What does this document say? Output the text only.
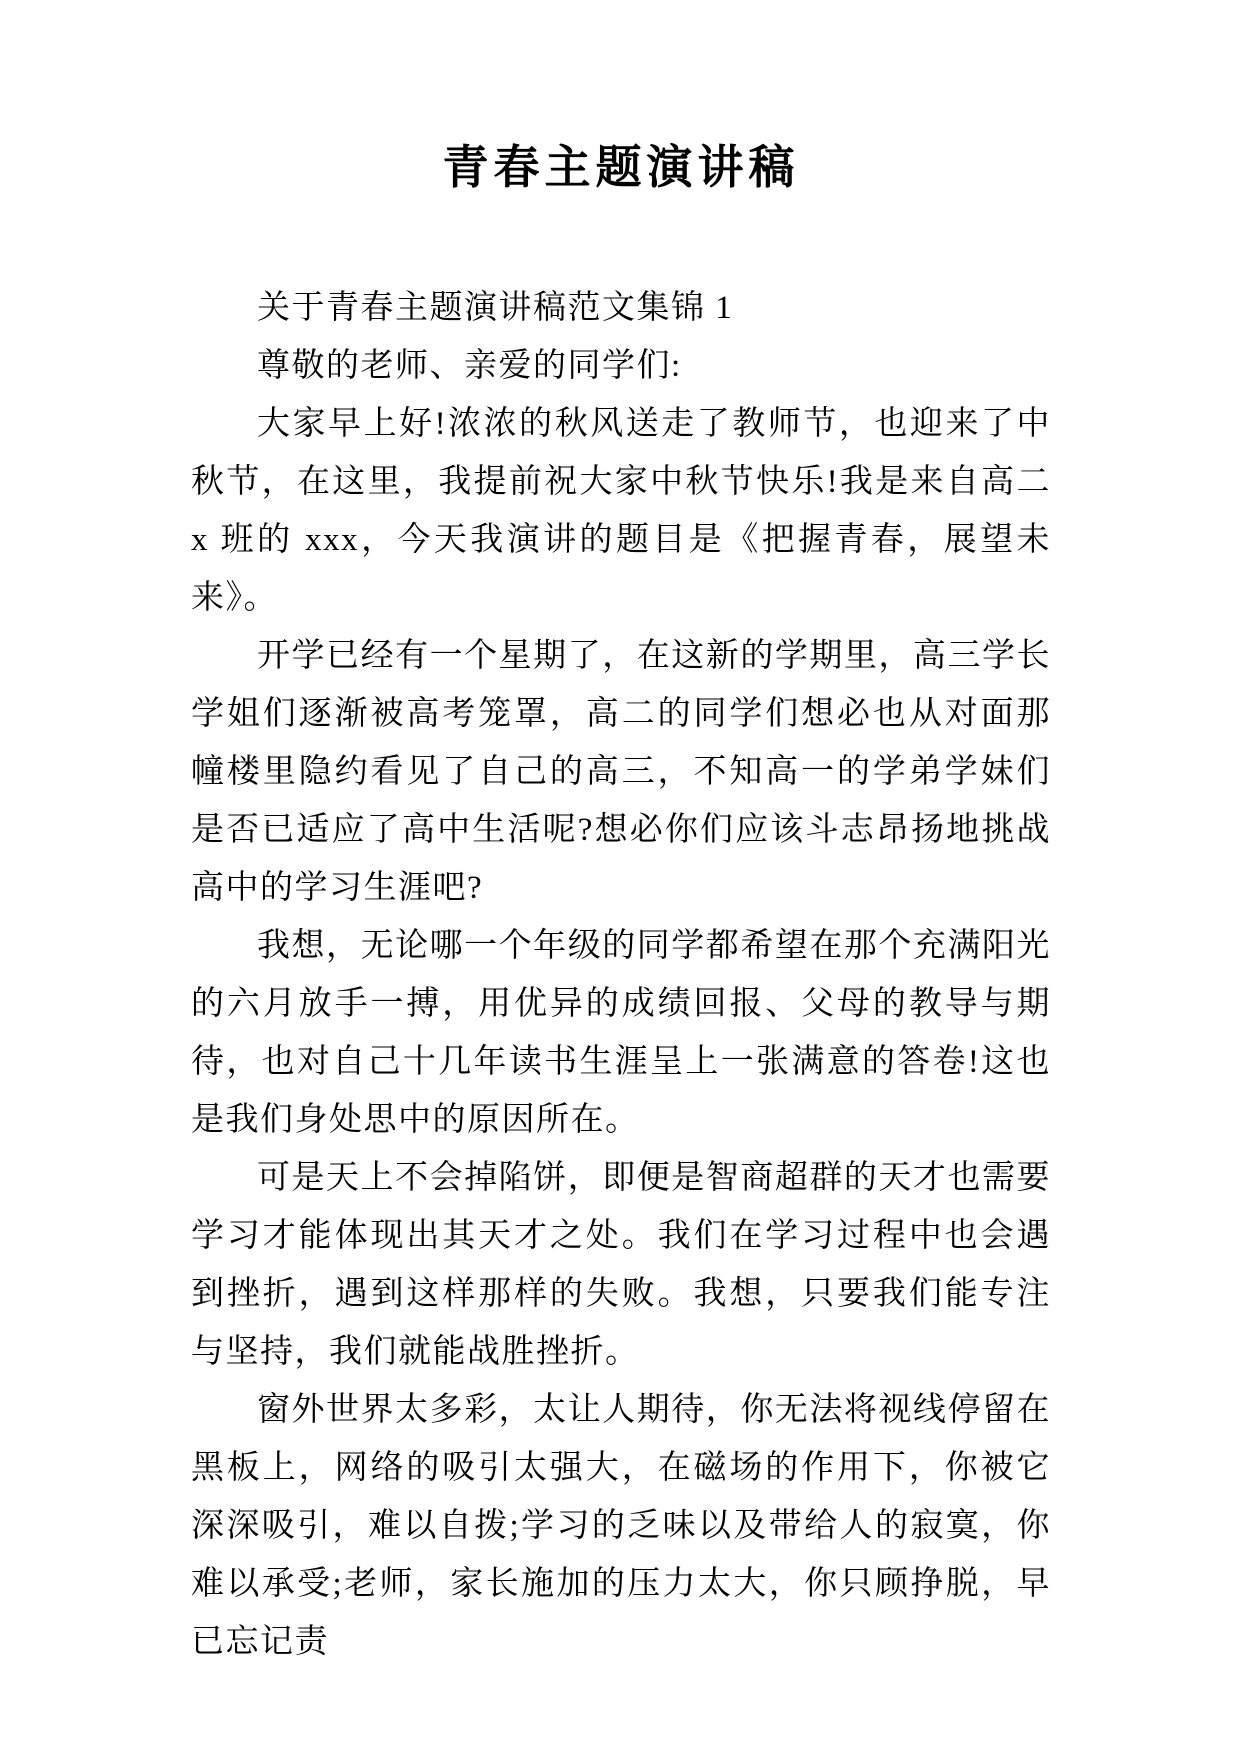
青春主题演讲稿

关于青春主题演讲稿范文集锦 1

尊敬的老师、亲爱的同学们:

大家早上好!浓浓的秋风送走了教师节，也迎来了中秋节，在这里，我提前祝大家中秋节快乐!我是来自高二 x 班的 xxx，今天我演讲的题目是《把握青春，展望未来》。

开学已经有一个星期了，在这新的学期里，高三学长学姐们逐渐被高考笼罩，高二的同学们想必也从对面那幢楼里隐约看见了自己的高三，不知高一的学弟学妹们是否已适应了高中生活呢?想必你们应该斗志昂扬地挑战高中的学习生涯吧?

我想，无论哪一个年级的同学都希望在那个充满阳光的六月放手一搏，用优异的成绩回报、父母的教导与期待，也对自己十几年读书生涯呈上一张满意的答卷!这也是我们身处思中的原因所在。

可是天上不会掉陷饼，即便是智商超群的天才也需要学习才能体现出其天才之处。我们在学习过程中也会遇到挫折，遇到这样那样的失败。我想，只要我们能专注与坚持，我们就能战胜挫折。

窗外世界太多彩，太让人期待，你无法将视线停留在黑板上，网络的吸引太强大，在磁场的作用下，你被它深深吸引，难以自拨;学习的乏味以及带给人的寂寞，你难以承受;老师，家长施加的压力太大，你只顾挣脱，早已忘记责
